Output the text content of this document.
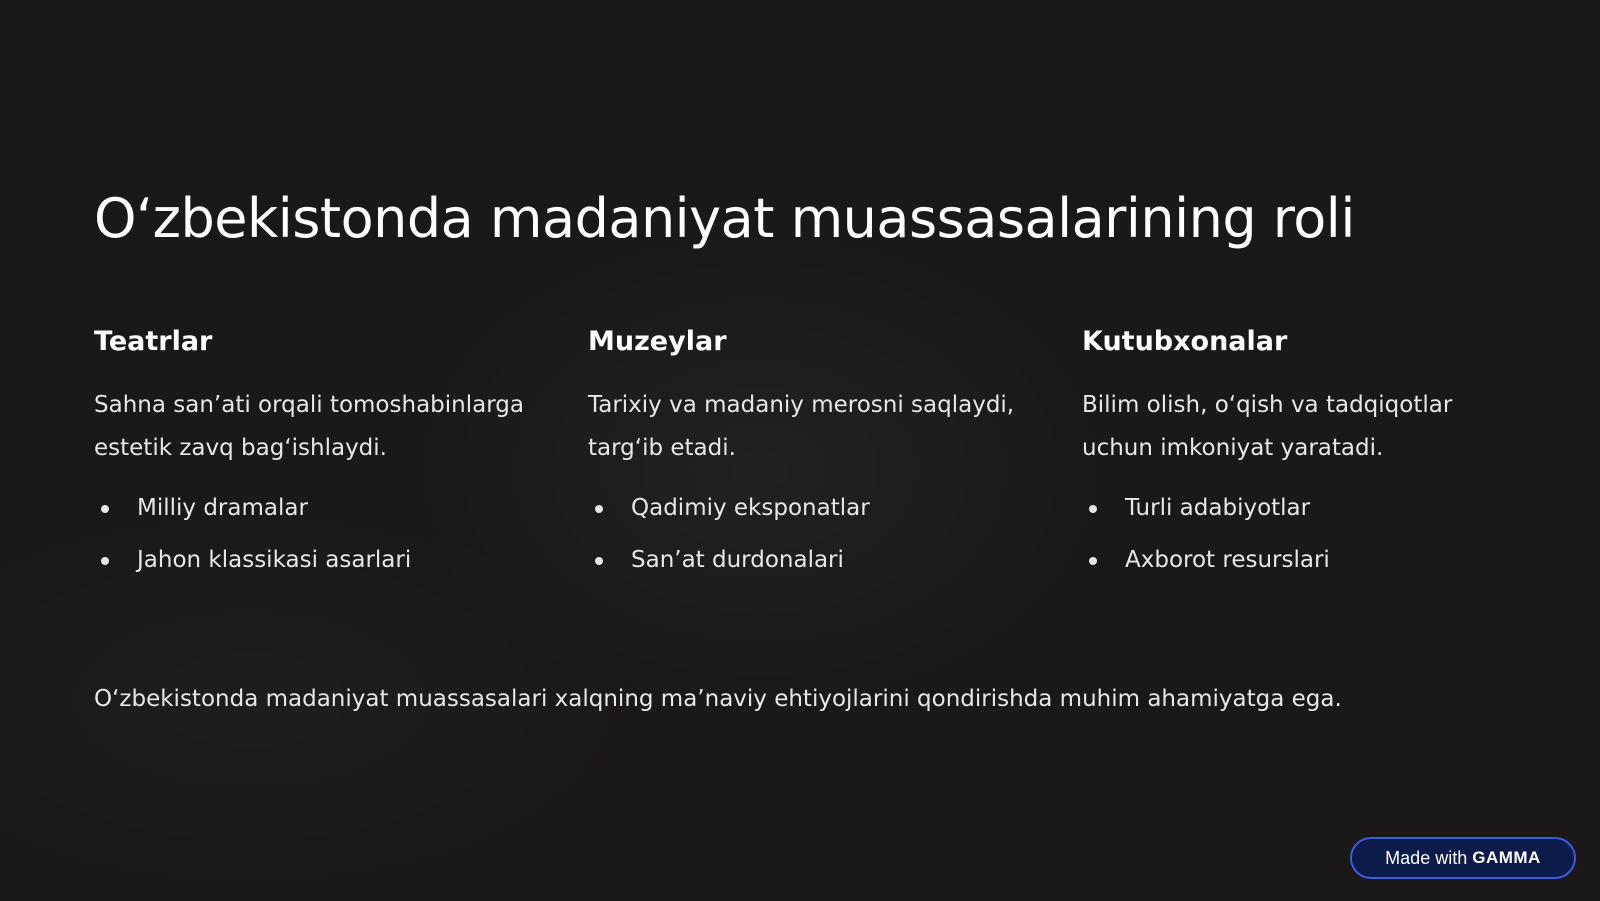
O‘zbekistonda madaniyat muassasalarining roli
Teatrlar

Sahna san’ati orqali tomoshabinlarga estetik zavq bag‘ishlaydi.

Milliy dramalar
Jahon klassikasi asarlari
Muzeylar

Tarixiy va madaniy merosni saqlaydi, targ‘ib etadi.

Qadimiy eksponatlar
San’at durdonalari
Kutubxonalar

Bilim olish, o‘qish va tadqiqotlar uchun imkoniyat yaratadi.

Turli adabiyotlar
Axborot resurslari

O‘zbekistonda madaniyat muassasalari xalqning ma’naviy ehtiyojlarini qondirishda muhim ahamiyatga ega.

Made with GAMMA
